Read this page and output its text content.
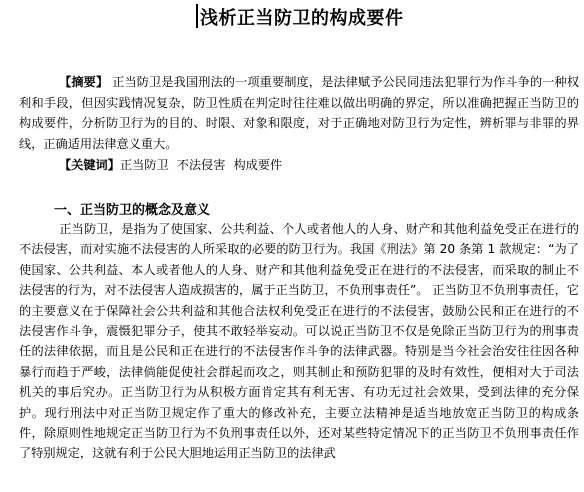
浅析正当防卫的构成要件
【摘要】 正当防卫是我国刑法的一项重要制度，是法律赋予公民同违法犯罪行为作斗争的一种权利和手段，但因实践情况复杂，防卫性质在判定时往往难以做出明确的界定，所以准确把握正当防卫的构成要件，分析防卫行为的目的、时限、对象和限度，对于正确地对防卫行为定性，辨析罪与非罪的界线，正确适用法律意义重大。
【关键词】正当防卫 不法侵害 构成要件
一、正当防卫的概念及意义
正当防卫，是指为了使国家、公共利益、个人或者他人的人身、财产和其他利益免受正在进行的不法侵害，而对实施不法侵害的人所采取的必要的防卫行为。我国《刑法》第 20 条第 1 款规定：“为了使国家、公共利益、本人或者他人的人身、财产和其他利益免受正在进行的不法侵害，而采取的制止不法侵害的行为，对不法侵害人造成损害的，属于正当防卫，不负刑事责任”。 正当防卫不负刑事责任，它的主要意义在于保障社会公共利益和其他合法权利免受正在进行的不法侵害，鼓励公民和正在进行的不法侵害作斗争，震慑犯罪分子，使其不敢轻举妄动。可以说正当防卫不仅是免除正当防卫行为的刑事责任的法律依据，而且是公民和正在进行的不法侵害作斗争的法律武器。特别是当今社会治安往往因各种暴行而趋于严峻，法律倘能促使社会群起而攻之，则其制止和预防犯罪的及时有效性，便相对大于司法机关的事后究办。正当防卫行为从积极方面肯定其有利无害、有功无过社会效果，受到法律的充分保护。现行刑法中对正当防卫规定作了重大的修改补充，主要立法精神是适当地放宽正当防卫的构成条件，除原则性地规定正当防卫行为不负刑事责任以外，还对某些特定情况下的正当防卫不负刑事责任作了特别规定，这就有利于公民大胆地运用正当防卫的法律武
